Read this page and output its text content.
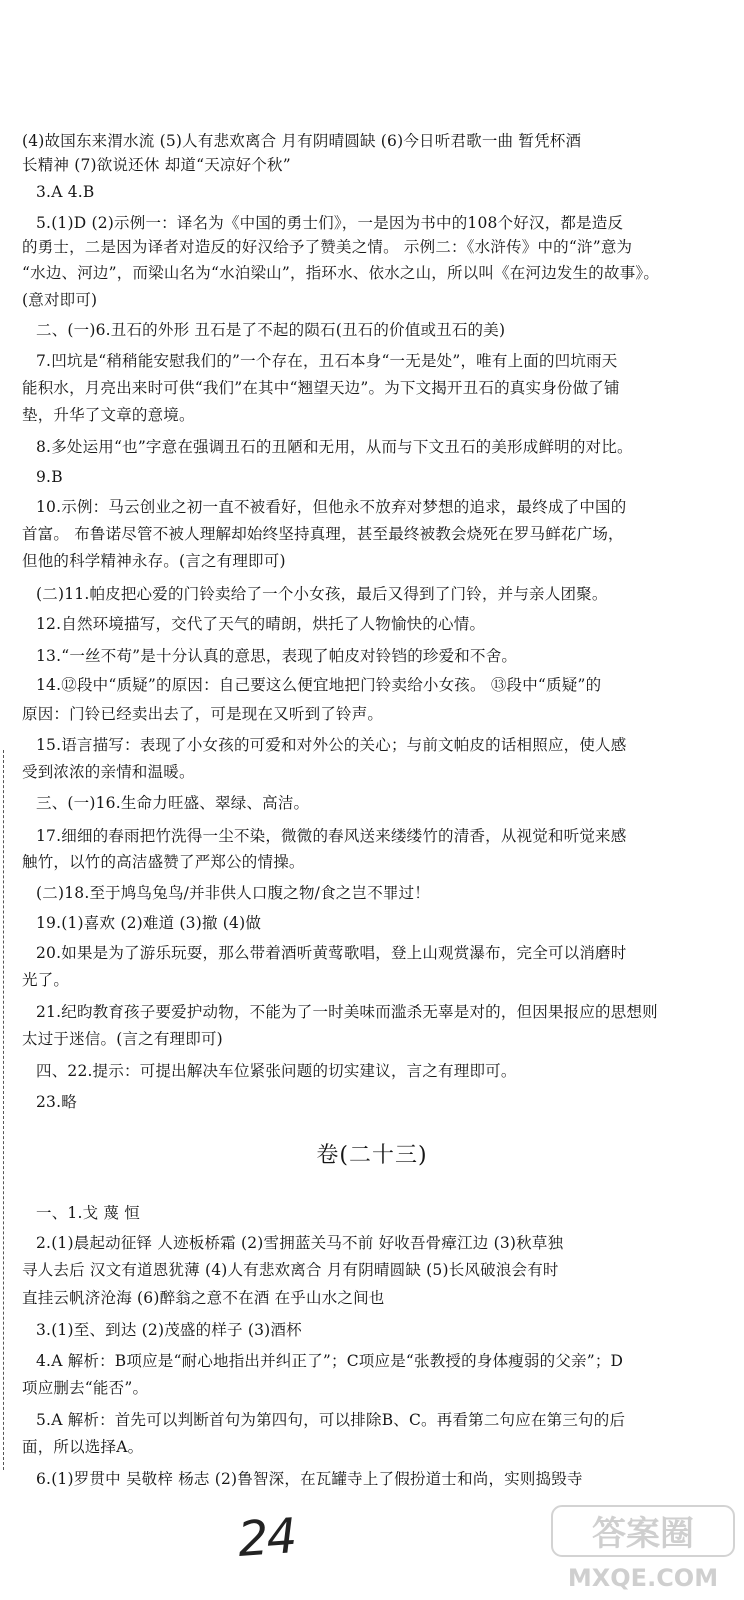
(4)故国东来渭水流 (5)人有悲欢离合 月有阴晴圆缺 (6)今日听君歌一曲 暂凭杯酒
长精神 (7)欲说还休 却道“天凉好个秋”
3.A 4.B
5.(1)D (2)示例一：译名为《中国的勇士们》，一是因为书中的108个好汉，都是造反
的勇士，二是因为译者对造反的好汉给予了赞美之情。 示例二：《水浒传》中的“浒”意为
“水边、河边”，而梁山名为“水泊梁山”，指环水、依水之山，所以叫《在河边发生的故事》。
(意对即可)
二、(一)6.丑石的外形 丑石是了不起的陨石(丑石的价值或丑石的美)
7.凹坑是“稍稍能安慰我们的”一个存在，丑石本身“一无是处”，唯有上面的凹坑雨天
能积水，月亮出来时可供“我们”在其中“翘望天边”。为下文揭开丑石的真实身份做了铺
垫，升华了文章的意境。
8.多处运用“也”字意在强调丑石的丑陋和无用，从而与下文丑石的美形成鲜明的对比。
9.B
10.示例：马云创业之初一直不被看好，但他永不放弃对梦想的追求，最终成了中国的
首富。 布鲁诺尽管不被人理解却始终坚持真理，甚至最终被教会烧死在罗马鲜花广场，
但他的科学精神永存。(言之有理即可)
(二)11.帕皮把心爱的门铃卖给了一个小女孩，最后又得到了门铃，并与亲人团聚。
12.自然环境描写，交代了天气的晴朗，烘托了人物愉快的心情。
13.“一丝不苟”是十分认真的意思，表现了帕皮对铃铛的珍爱和不舍。
14.⑫段中“质疑”的原因：自己要这么便宜地把门铃卖给小女孩。 ⑬段中“质疑”的
原因：门铃已经卖出去了，可是现在又听到了铃声。
15.语言描写：表现了小女孩的可爱和对外公的关心；与前文帕皮的话相照应，使人感
受到浓浓的亲情和温暖。
三、(一)16.生命力旺盛、翠绿、高洁。
17.细细的春雨把竹洗得一尘不染，微微的春风送来缕缕竹的清香，从视觉和听觉来感
触竹，以竹的高洁盛赞了严郑公的情操。
(二)18.至于鸠鸟兔鸟/并非供人口腹之物/食之岂不罪过！
19.(1)喜欢 (2)难道 (3)撤 (4)做
20.如果是为了游乐玩耍，那么带着酒听黄莺歌唱，登上山观赏瀑布，完全可以消磨时
光了。
21.纪昀教育孩子要爱护动物，不能为了一时美味而滥杀无辜是对的，但因果报应的思想则
太过于迷信。(言之有理即可)
四、22.提示：可提出解决车位紧张问题的切实建议，言之有理即可。
23.略
卷(二十三)
一、1.戈 蔑 恒
2.(1)晨起动征铎 人迹板桥霜 (2)雪拥蓝关马不前 好收吾骨瘴江边 (3)秋草独
寻人去后 汉文有道恩犹薄 (4)人有悲欢离合 月有阴晴圆缺 (5)长风破浪会有时
直挂云帆济沧海 (6)醉翁之意不在酒 在乎山水之间也
3.(1)至、到达 (2)茂盛的样子 (3)酒杯
4.A 解析：B项应是“耐心地指出并纠正了”；C项应是“张教授的身体瘦弱的父亲”；D
项应删去“能否”。
5.A 解析：首先可以判断首句为第四句，可以排除B、C。再看第二句应在第三句的后
面，所以选择A。
6.(1)罗贯中 吴敬梓 杨志 (2)鲁智深，在瓦罐寺上了假扮道士和尚，实则捣毁寺
24	答案圈
MXQE.COM
